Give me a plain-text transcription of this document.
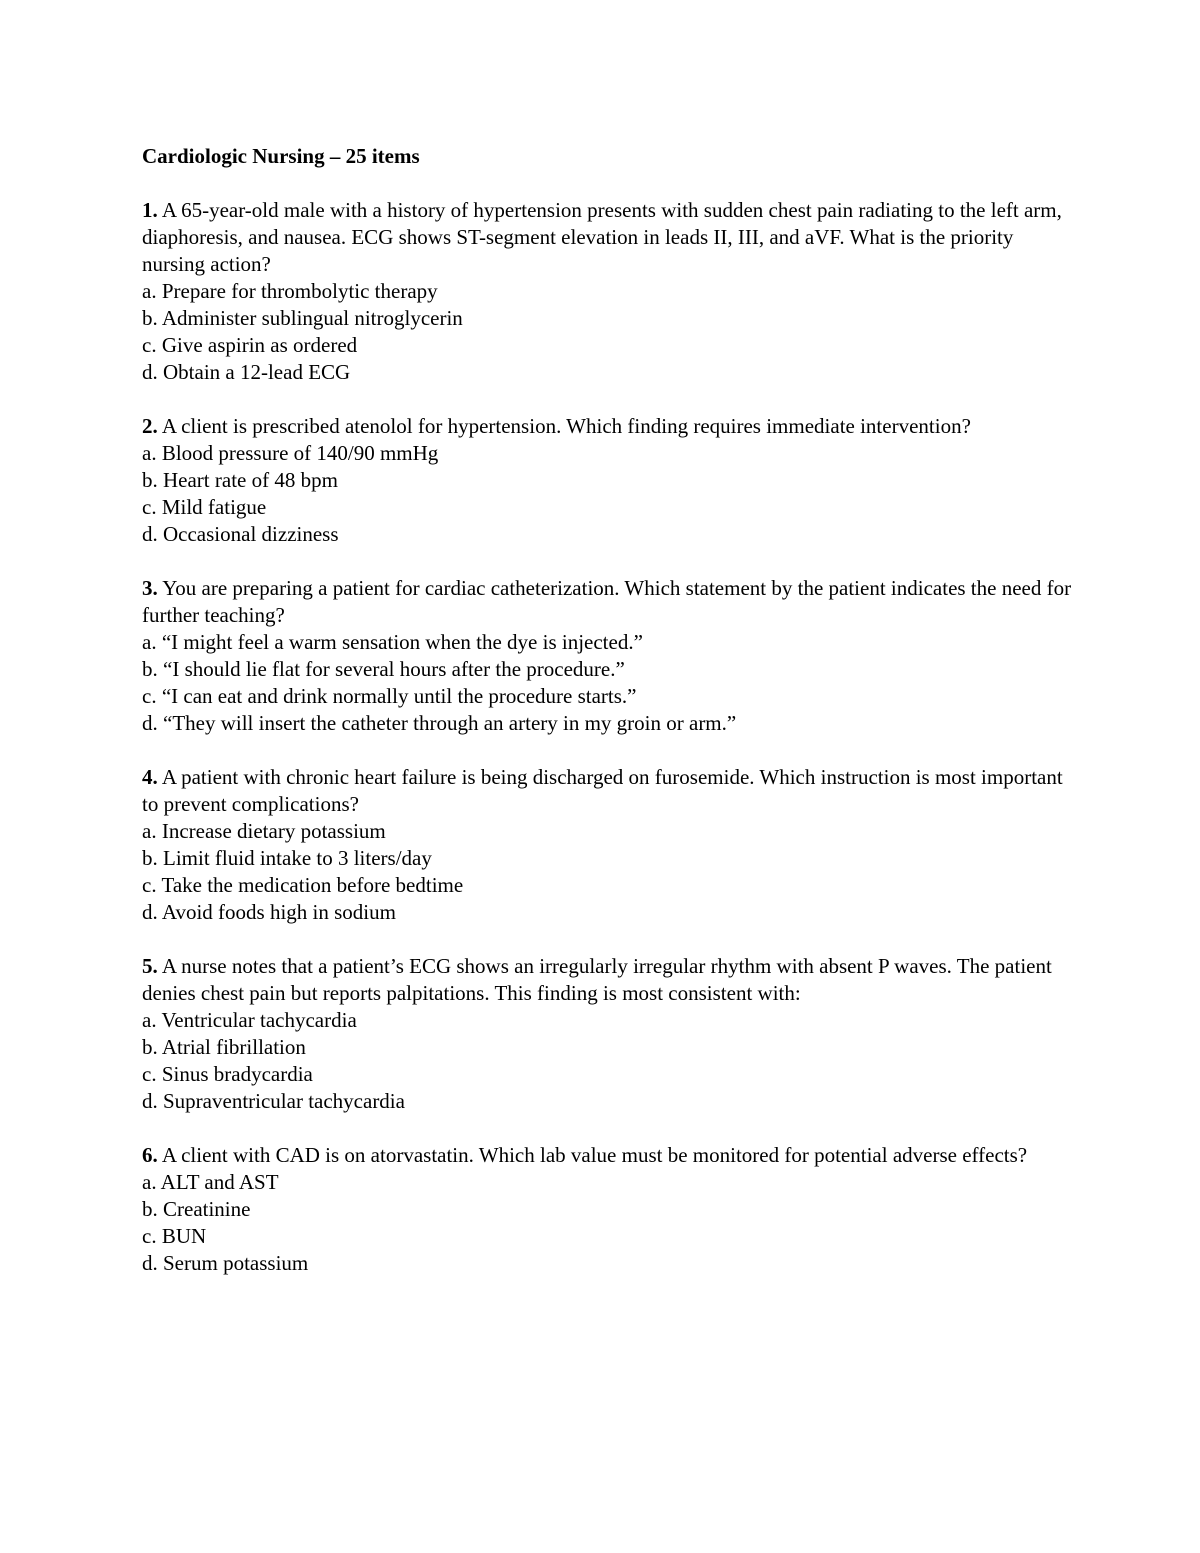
Cardiologic Nursing – 25 items

1. A 65-year-old male with a history of hypertension presents with sudden chest pain radiating to the left arm, diaphoresis, and nausea. ECG shows ST-segment elevation in leads II, III, and aVF. What is the priority nursing action?

a. Prepare for thrombolytic therapy

b. Administer sublingual nitroglycerin

c. Give aspirin as ordered

d. Obtain a 12-lead ECG

2. A client is prescribed atenolol for hypertension. Which finding requires immediate intervention?

a. Blood pressure of 140/90 mmHg

b. Heart rate of 48 bpm

c. Mild fatigue

d. Occasional dizziness

3. You are preparing a patient for cardiac catheterization. Which statement by the patient indicates the need for further teaching?

a. “I might feel a warm sensation when the dye is injected.”

b. “I should lie flat for several hours after the procedure.”

c. “I can eat and drink normally until the procedure starts.”

d. “They will insert the catheter through an artery in my groin or arm.”

4. A patient with chronic heart failure is being discharged on furosemide. Which instruction is most important to prevent complications?

a. Increase dietary potassium

b. Limit fluid intake to 3 liters/day

c. Take the medication before bedtime

d. Avoid foods high in sodium

5. A nurse notes that a patient’s ECG shows an irregularly irregular rhythm with absent P waves. The patient denies chest pain but reports palpitations. This finding is most consistent with:

a. Ventricular tachycardia

b. Atrial fibrillation

c. Sinus bradycardia

d. Supraventricular tachycardia

6. A client with CAD is on atorvastatin. Which lab value must be monitored for potential adverse effects?

a. ALT and AST

b. Creatinine

c. BUN

d. Serum potassium
